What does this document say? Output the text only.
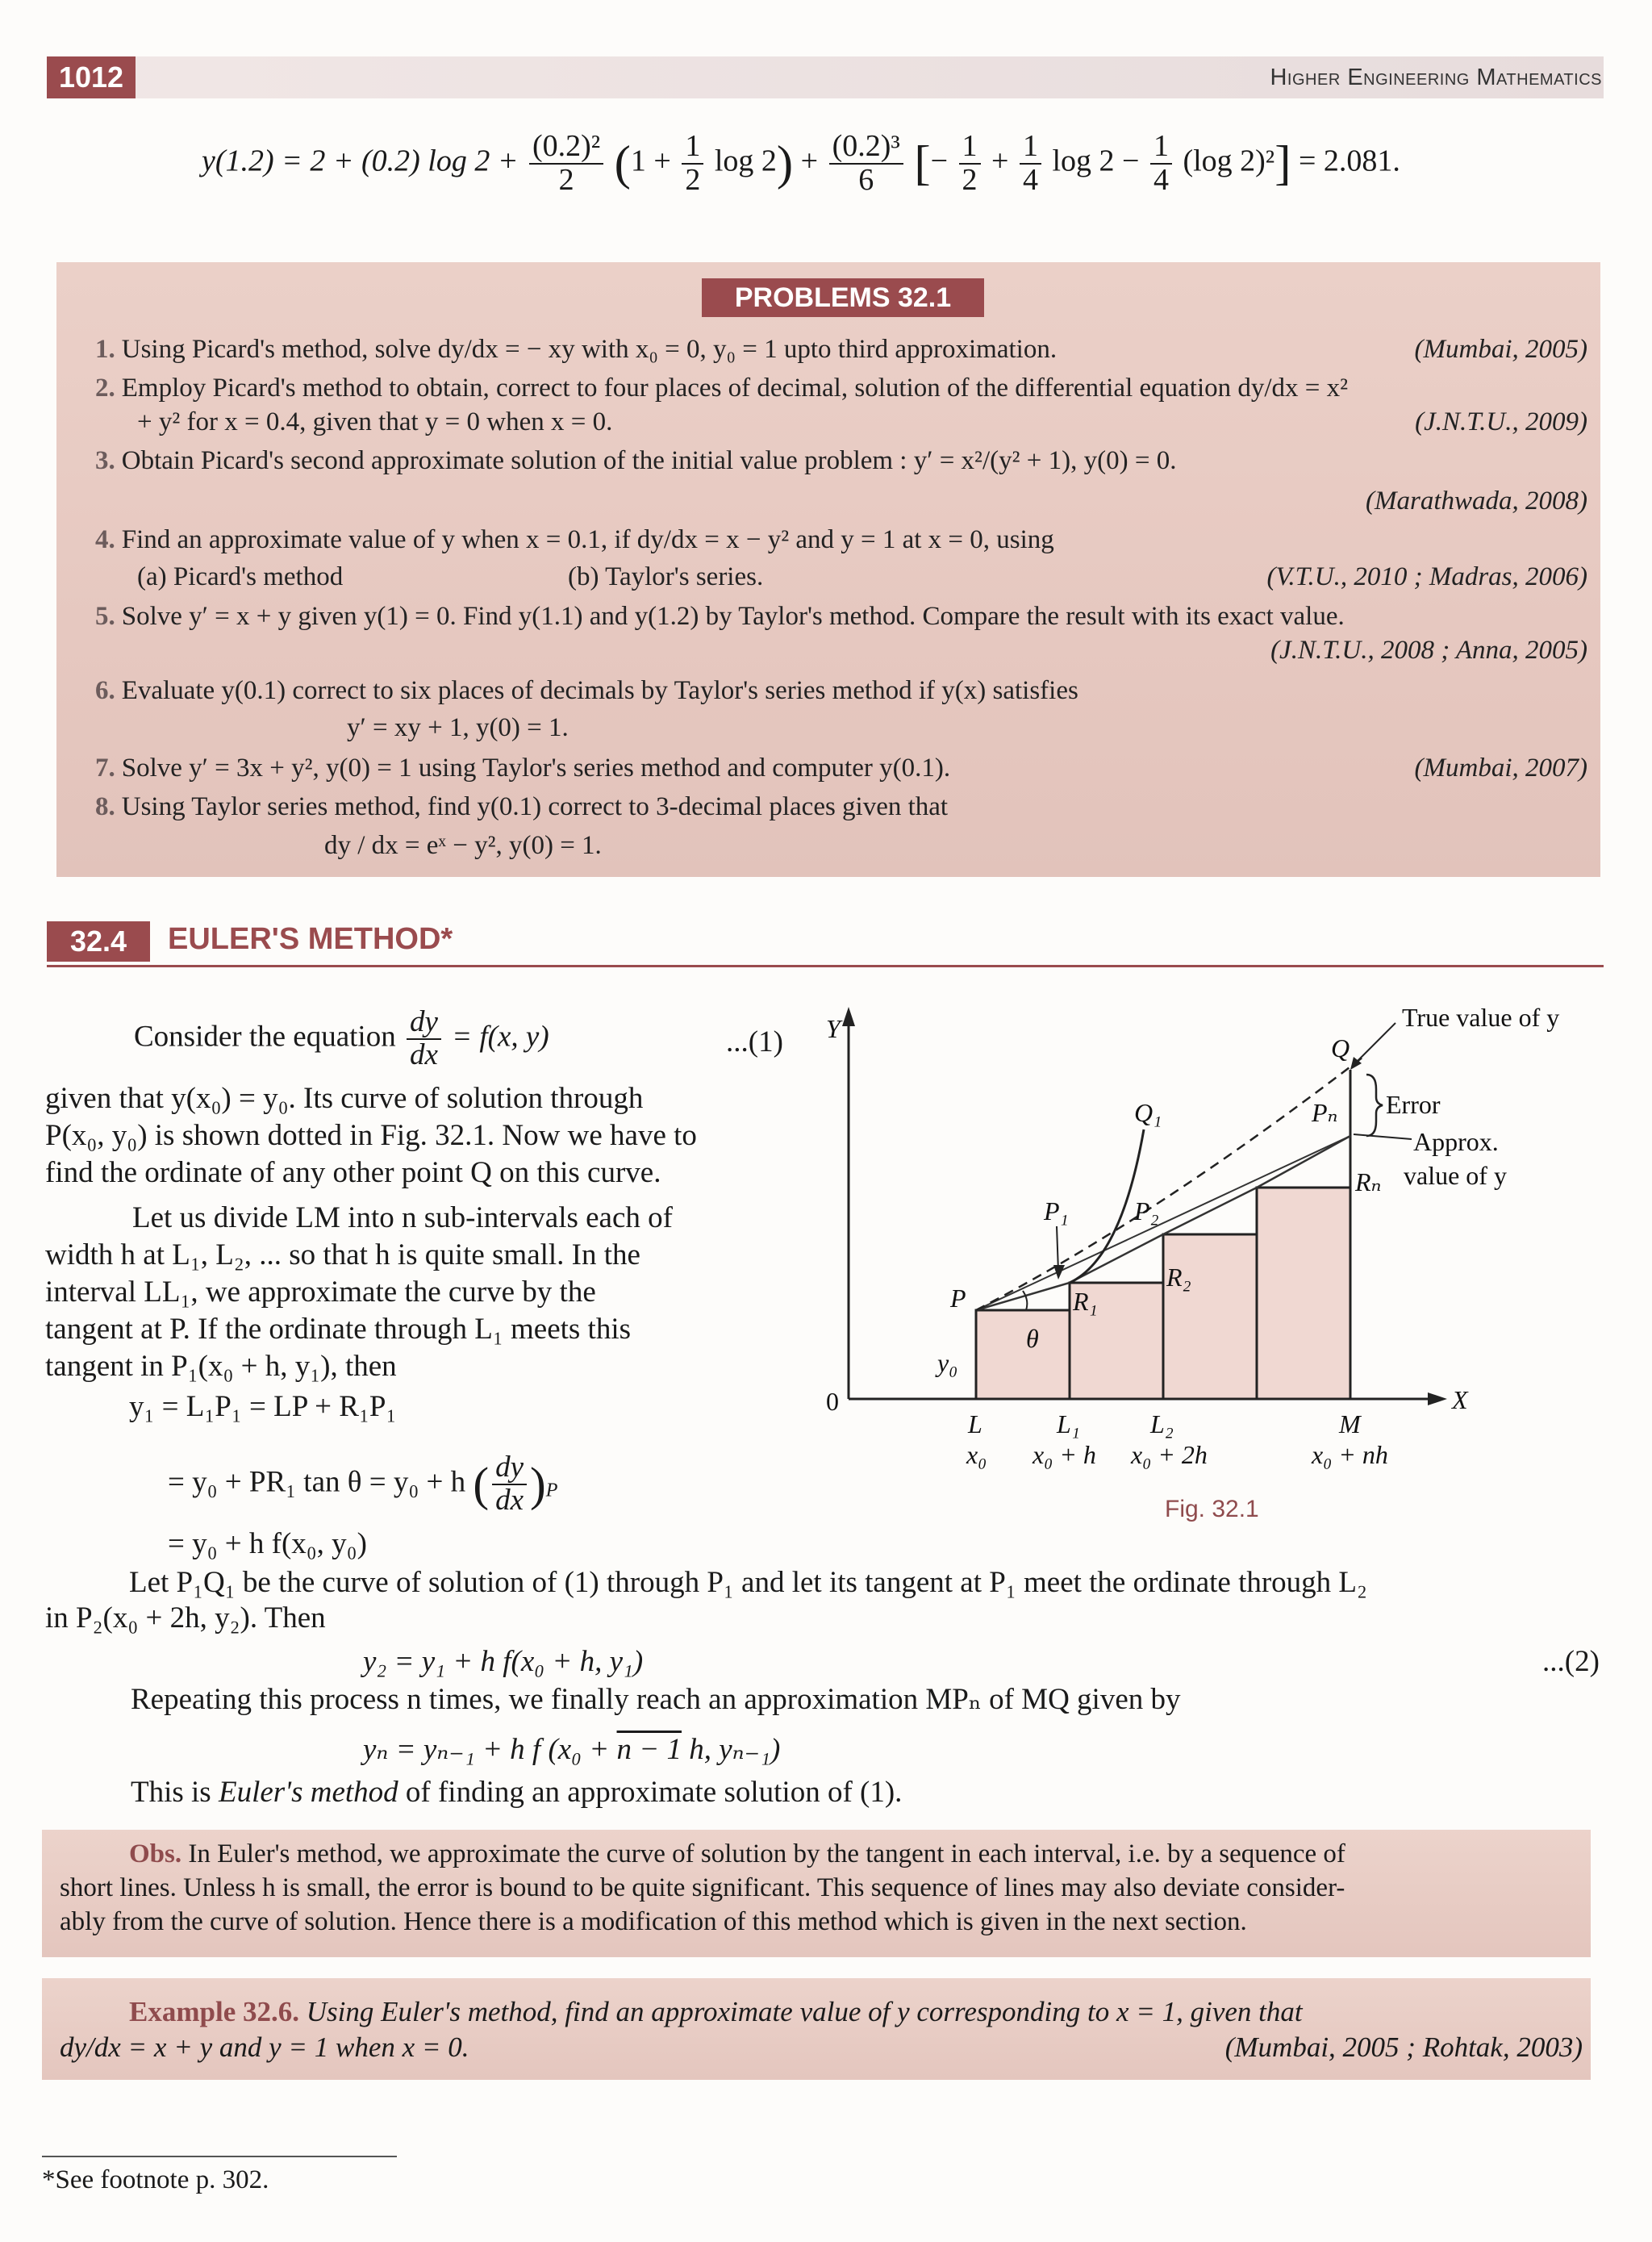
1012	Higher Engineering Mathematics
y(1.2) = 2 + (0.2) $\log 2 + \frac{\text{(0.2)²}}{2} (1 + \frac{1}{2}$ $\log 2) + \frac{\text{(0.2)³}}{6}$ [− $\frac{1}{2} + \frac{1}{4}$ $\log 2 - \frac{1}{4} (\log$ 2)²] = 2.081.
PROBLEMS 32.1
1. Using Picard's method, solve dy/dx = − xy with x₀ = 0, y₀ = 1 upto third approximation.	(Mumbai, 2005)
2. Employ Picard's method to obtain, correct to four places of decimal, solution of the differential equation dy/dx = x²
+ y² for x = 0.4, given that y = 0 when x = 0.	(J.N.T.U., 2009)
3. Obtain Picard's second approximate solution of the initial value problem : y′ = x²/(y² + 1), y(0) = 0.
(Marathwada, 2008)
4. Find an approximate value of y when x = 0.1, if dy/dx = x − y² and y = 1 at x = 0, using
(a) Picard's method	(b) Taylor's series.	(V.T.U., 2010 ; Madras, 2006)
5. Solve y′ = x + y given y(1) = 0. Find y(1.1) and y(1.2) by Taylor's method. Compare the result with its exact value.
(J.N.T.U., 2008 ; Anna, 2005)
6. Evaluate y(0.1) correct to six places of decimals by Taylor's series method if y(x) satisfies
y′ = xy + 1, y(0) = 1.
7. Solve y′ = 3x + y², y(0) = 1 using Taylor's series method and computer y(0.1).	(Mumbai, 2007)
8. Using Taylor series method, find y(0.1) correct to 3-decimal places given that
dy / dx = eˣ − y², y(0) = 1.
32.4	EULER'S METHOD*
Consider the equation $\frac{dy}{dx} = f(x$, y)	...(1)
given that y(x₀) = y₀. Its curve of solution through
P(x₀, y₀) is shown dotted in Fig. 32.1. Now we have to
find the ordinate of any other point Q on this curve.
Let us divide LM into n sub-intervals each of
width h at L₁, L₂, ... so that h is quite small. In the
interval LL₁, we approximate the curve by the
tangent at P. If the ordinate through L₁ meets this
tangent in P₁(x₀ + h, y₁), then
y₁ = L₁P₁ = LP + R₁P₁
= y₀ + PR₁ tan θ = y₀ + h ( $\frac{dy}{dx} )_P$
= y₀ + h f(x₀, y₀)
Let P₁Q₁ be the curve of solution of (1) through P₁ and let its tangent at P₁ meet the ordinate through L₂
in P₂(x₀ + 2h, y₂). Then
y₂ = y₁ + h f(x₀ + h, y₁)	...(2)
Repeating this process n times, we finally reach an approximation MPₙ of MQ given by
yₙ = yₙ₋₁ + h f (x₀ + n − 1 h, yₙ₋₁)
This is Euler's method of finding an approximate solution of (1).
Y
0	X
P
Q
Q₁
P₁	P₂
Pₙ
R₁
R₂
Rₙ
θ
y₀
L	L₁	L₂	M
x₀ x₀ + h x₀ + 2h	x₀ + nh
True value of y
Error
Approx.
value of y
Fig. 32.1
Obs. In Euler's method, we approximate the curve of solution by the tangent in each interval, i.e. by a sequence of
short lines. Unless h is small, the error is bound to be quite significant. This sequence of lines may also deviate consider-
ably from the curve of solution. Hence there is a modification of this method which is given in the next section.
Example 32.6. Using Euler's method, find an approximate value of y corresponding to x = 1, given that
dy/dx = x + y and y = 1 when x = 0.	(Mumbai, 2005 ; Rohtak, 2003)
*See footnote p. 302.
